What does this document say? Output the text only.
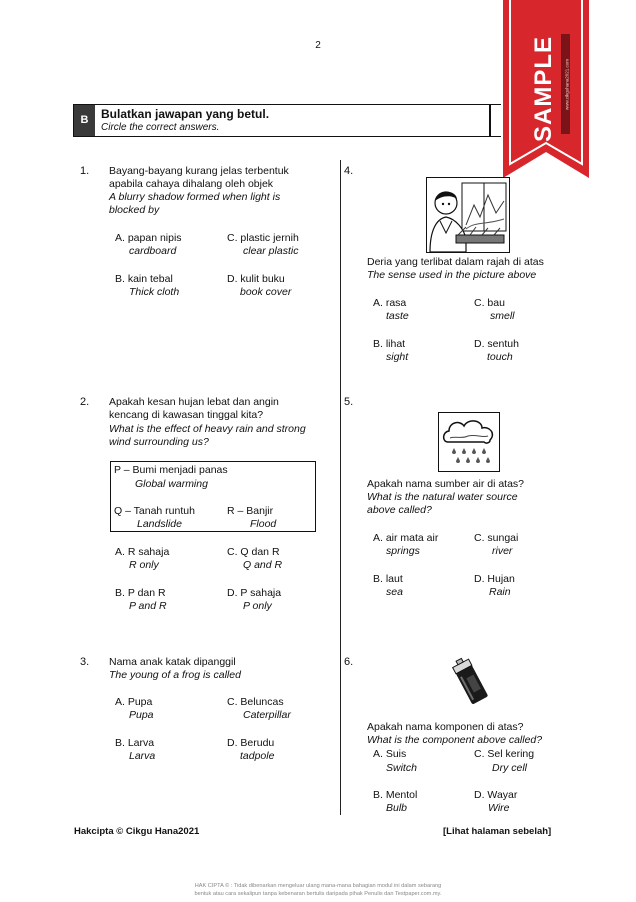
2
B	Bulatkan jawapan yang betul.
Circle the correct answers.	SAMPLE	www.cikguhana2021.com
1. Bayang-bayang kurang jelas terbentuk
apabila cahaya dihalang oleh objek
A blurry shadow formed when light is
blocked by
A. papan nipis
cardboard
C. plastic jernih
clear plastic
B. kain tebal
Thick cloth
D. kulit buku
book cover
2. Apakah kesan hujan lebat dan angin
kencang di kawasan tinggal kita?
What is the effect of heavy rain and strong
wind surrounding us?
P – Bumi menjadi panas
Global warming
Q – Tanah runtuh
Landslide
R – Banjir
Flood
A. R sahaja
R only
C. Q dan R
Q and R
B. P dan R
P and R
D. P sahaja
P only
3. Nama anak katak dipanggil
The young of a frog is called
A. Pupa
Pupa
C. Beluncas
Caterpillar
B. Larva
Larva
D. Berudu
tadpole
4.
Deria yang terlibat dalam rajah di atas
The sense used in the picture above
A. rasa
taste
C. bau
smell
B. lihat
sight
D. sentuh
touch
5.
Apakah nama sumber air di atas?
What is the natural water source
above called?
A. air mata air
springs
C. sungai
river
B. laut
sea
D. Hujan
Rain
6.
Apakah nama komponen di atas?
What is the component above called?
A. Suis
Switch
C. Sel kering
Dry cell
B. Mentol
Bulb
D. Wayar
Wire
Hakcipta © Cikgu Hana2021	[Lihat halaman sebelah]
HAK CIPTA © : Tidak dibenarkan mengeluar ulang mana-mana bahagian modul ini dalam sebarang
bentuk atau cara sekalipun tanpa kebenaran bertulis daripada pihak Penulis dan Testpaper.com.my.
